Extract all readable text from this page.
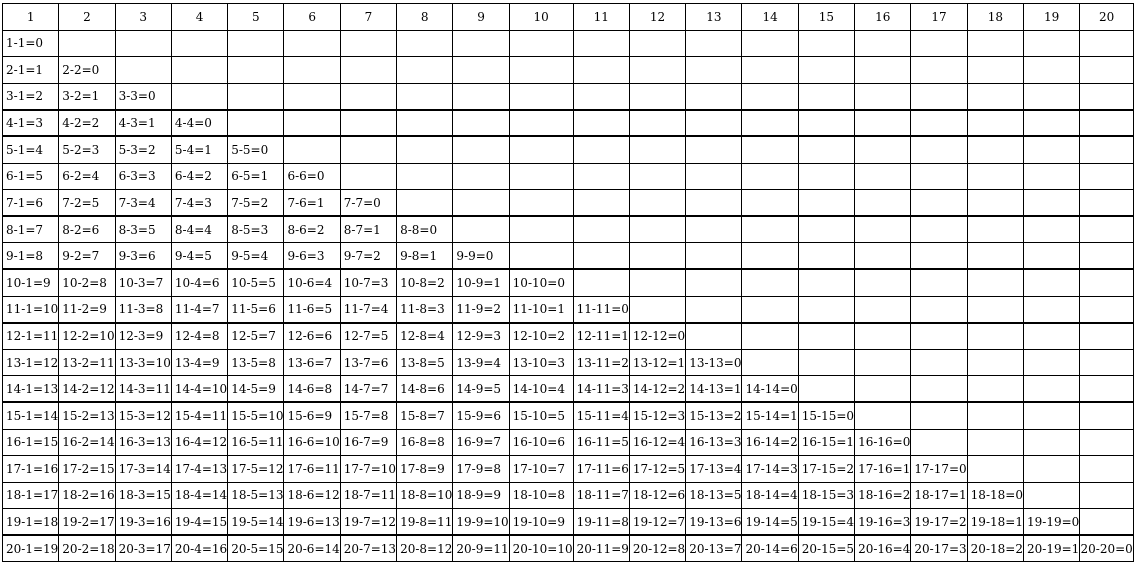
1	2	3	4	5	6	7	8	9	10	11	12	13	14	15	16	17	18	19	20
1-1=0																			
2-1=1	2-2=0																		
3-1=2	3-2=1	3-3=0																	
4-1=3	4-2=2	4-3=1	4-4=0																
5-1=4	5-2=3	5-3=2	5-4=1	5-5=0															
6-1=5	6-2=4	6-3=3	6-4=2	6-5=1	6-6=0														
7-1=6	7-2=5	7-3=4	7-4=3	7-5=2	7-6=1	7-7=0													
8-1=7	8-2=6	8-3=5	8-4=4	8-5=3	8-6=2	8-7=1	8-8=0												
9-1=8	9-2=7	9-3=6	9-4=5	9-5=4	9-6=3	9-7=2	9-8=1	9-9=0											
10-1=9	10-2=8	10-3=7	10-4=6	10-5=5	10-6=4	10-7=3	10-8=2	10-9=1	10-10=0										
11-1=10	11-2=9	11-3=8	11-4=7	11-5=6	11-6=5	11-7=4	11-8=3	11-9=2	11-10=1	11-11=0									
12-1=11	12-2=10	12-3=9	12-4=8	12-5=7	12-6=6	12-7=5	12-8=4	12-9=3	12-10=2	12-11=1	12-12=0								
13-1=12	13-2=11	13-3=10	13-4=9	13-5=8	13-6=7	13-7=6	13-8=5	13-9=4	13-10=3	13-11=2	13-12=1	13-13=0							
14-1=13	14-2=12	14-3=11	14-4=10	14-5=9	14-6=8	14-7=7	14-8=6	14-9=5	14-10=4	14-11=3	14-12=2	14-13=1	14-14=0						
15-1=14	15-2=13	15-3=12	15-4=11	15-5=10	15-6=9	15-7=8	15-8=7	15-9=6	15-10=5	15-11=4	15-12=3	15-13=2	15-14=1	15-15=0					
16-1=15	16-2=14	16-3=13	16-4=12	16-5=11	16-6=10	16-7=9	16-8=8	16-9=7	16-10=6	16-11=5	16-12=4	16-13=3	16-14=2	16-15=1	16-16=0				
17-1=16	17-2=15	17-3=14	17-4=13	17-5=12	17-6=11	17-7=10	17-8=9	17-9=8	17-10=7	17-11=6	17-12=5	17-13=4	17-14=3	17-15=2	17-16=1	17-17=0			
18-1=17	18-2=16	18-3=15	18-4=14	18-5=13	18-6=12	18-7=11	18-8=10	18-9=9	18-10=8	18-11=7	18-12=6	18-13=5	18-14=4	18-15=3	18-16=2	18-17=1	18-18=0		
19-1=18	19-2=17	19-3=16	19-4=15	19-5=14	19-6=13	19-7=12	19-8=11	19-9=10	19-10=9	19-11=8	19-12=7	19-13=6	19-14=5	19-15=4	19-16=3	19-17=2	19-18=1	19-19=0	
20-1=19	20-2=18	20-3=17	20-4=16	20-5=15	20-6=14	20-7=13	20-8=12	20-9=11	20-10=10	20-11=9	20-12=8	20-13=7	20-14=6	20-15=5	20-16=4	20-17=3	20-18=2	20-19=1	20-20=0
